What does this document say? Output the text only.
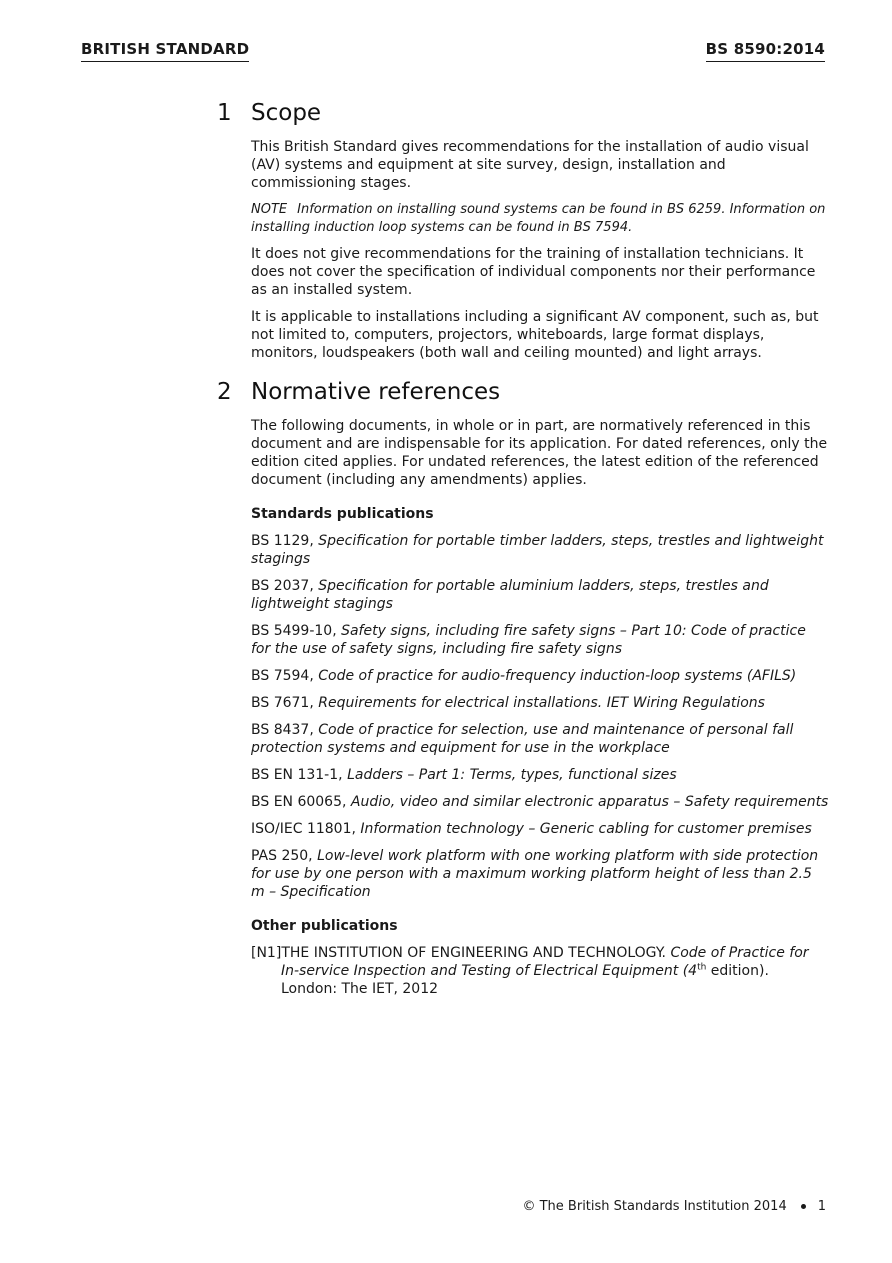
BRITISH STANDARD	BS 8590:2014
1 Scope

This British Standard gives recommendations for the installation of audio visual (AV) systems and equipment at site survey, design, installation and commissioning stages.

NOTE Information on installing sound systems can be found in BS 6259. Information on installing induction loop systems can be found in BS 7594.

It does not give recommendations for the training of installation technicians. It does not cover the specification of individual components nor their performance as an installed system.

It is applicable to installations including a significant AV component, such as, but not limited to, computers, projectors, whiteboards, large format displays, monitors, loudspeakers (both wall and ceiling mounted) and light arrays.

2 Normative references

The following documents, in whole or in part, are normatively referenced in this document and are indispensable for its application. For dated references, only the edition cited applies. For undated references, the latest edition of the referenced document (including any amendments) applies.

Standards publications

BS 1129, Specification for portable timber ladders, steps, trestles and lightweight stagings

BS 2037, Specification for portable aluminium ladders, steps, trestles and lightweight stagings

BS 5499-10, Safety signs, including fire safety signs – Part 10: Code of practice for the use of safety signs, including fire safety signs

BS 7594, Code of practice for audio-frequency induction-loop systems (AFILS)

BS 7671, Requirements for electrical installations. IET Wiring Regulations

BS 8437, Code of practice for selection, use and maintenance of personal fall protection systems and equipment for use in the workplace

BS EN 131-1, Ladders – Part 1: Terms, types, functional sizes

BS EN 60065, Audio, video and similar electronic apparatus – Safety requirements

ISO/IEC 11801, Information technology – Generic cabling for customer premises

PAS 250, Low-level work platform with one working platform with side protection for use by one person with a maximum working platform height of less than 2.5 m – Specification

Other publications

[N1]THE INSTITUTION OF ENGINEERING AND TECHNOLOGY. Code of Practice for In-service Inspection and Testing of Electrical Equipment (4th edition). London: The IET, 2012

© The British Standards Institution 2014 1
